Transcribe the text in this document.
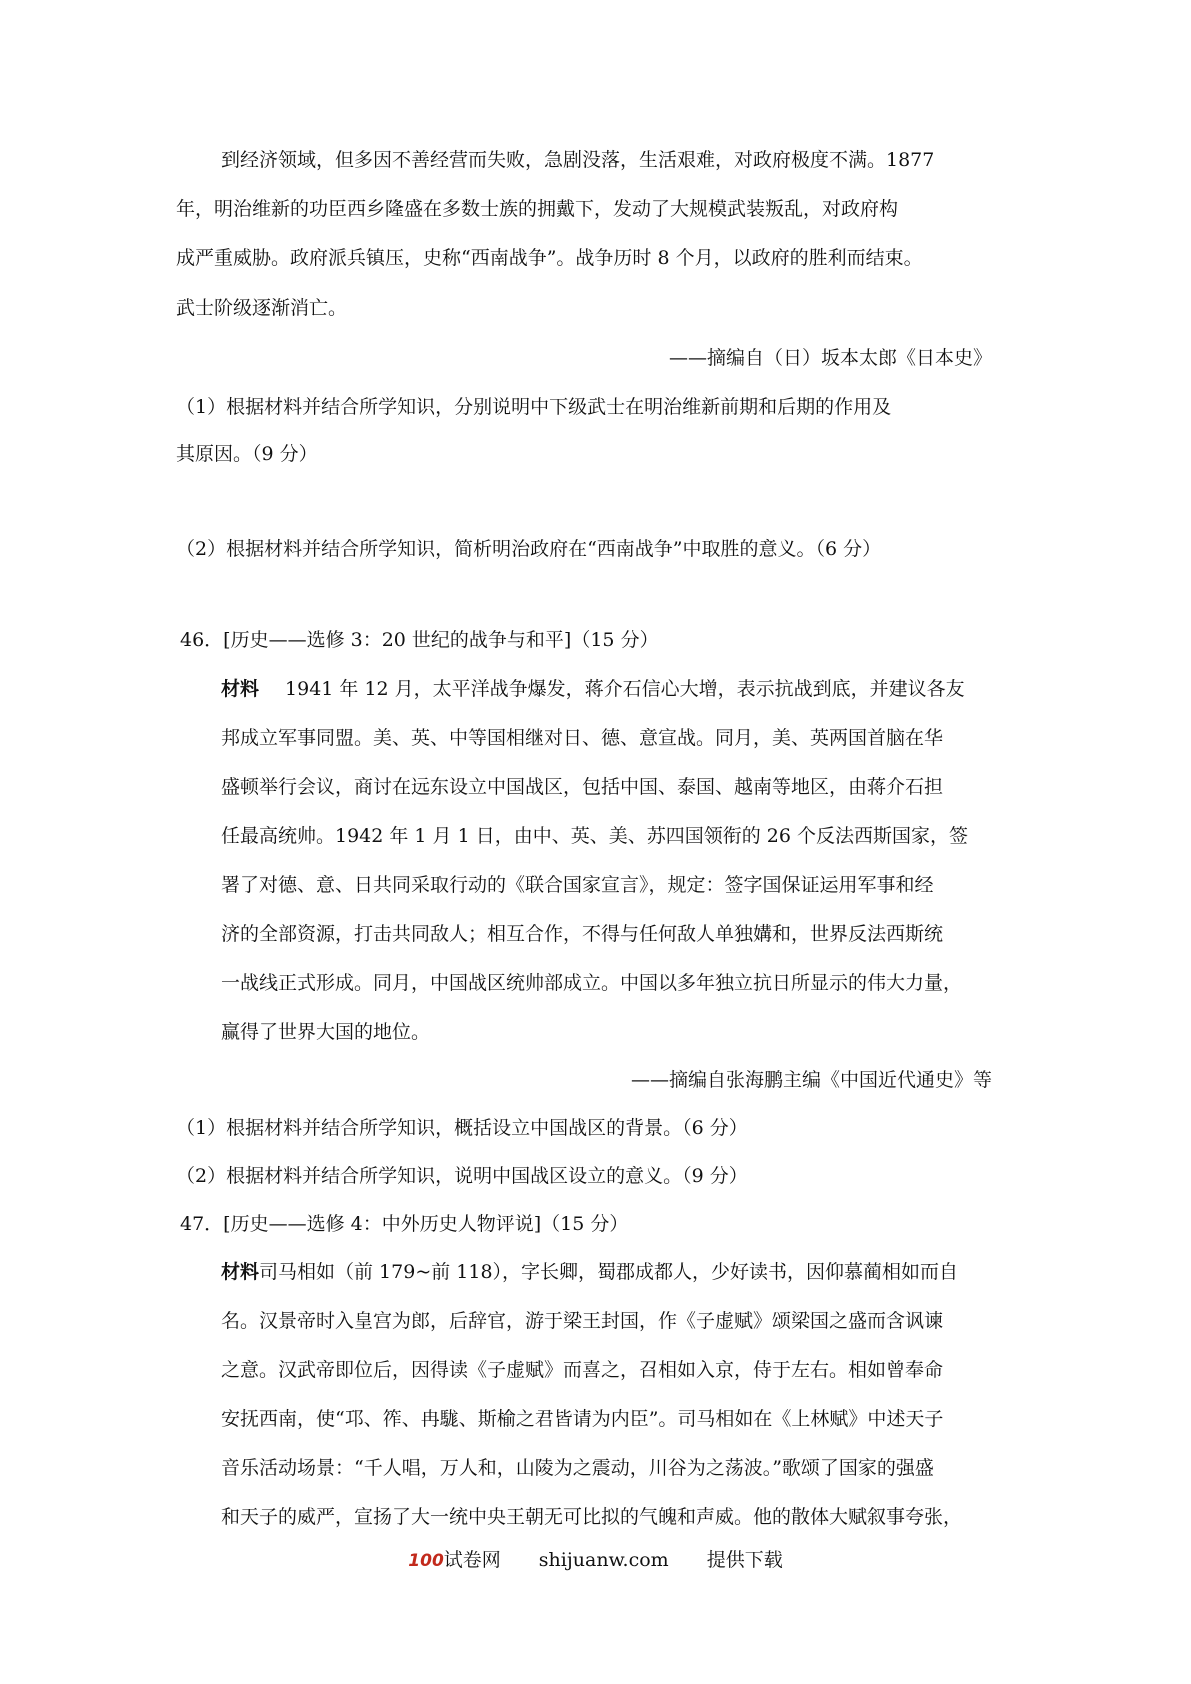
到经济领域，但多因不善经营而失败，急剧没落，生活艰难，对政府极度不满。1877
年，明治维新的功臣西乡隆盛在多数士族的拥戴下，发动了大规模武装叛乱，对政府构
成严重威胁。政府派兵镇压，史称“西南战争”。战争历时 8 个月，以政府的胜利而结束。
武士阶级逐渐消亡。
——摘编自（日）坂本太郎《日本史》
（1）根据材料并结合所学知识，分别说明中下级武士在明治维新前期和后期的作用及
其原因。（9 分）
（2）根据材料并结合所学知识，简析明治政府在“西南战争”中取胜的意义。（6 分）
46．[历史——选修 3：20 世纪的战争与和平]（15 分）
材料 1941 年 12 月，太平洋战争爆发，蒋介石信心大增，表示抗战到底，并建议各友
邦成立军事同盟。美、英、中等国相继对日、德、意宣战。同月，美、英两国首脑在华
盛顿举行会议，商讨在远东设立中国战区，包括中国、泰国、越南等地区，由蒋介石担
任最高统帅。1942 年 1 月 1 日，由中、英、美、苏四国领衔的 26 个反法西斯国家，签
署了对德、意、日共同采取行动的《联合国家宣言》，规定：签字国保证运用军事和经
济的全部资源，打击共同敌人；相互合作，不得与任何敌人单独媾和，世界反法西斯统
一战线正式形成。同月，中国战区统帅部成立。中国以多年独立抗日所显示的伟大力量，
赢得了世界大国的地位。
——摘编自张海鹏主编《中国近代通史》等
（1）根据材料并结合所学知识，概括设立中国战区的背景。（6 分）
（2）根据材料并结合所学知识，说明中国战区设立的意义。（9 分）
47．[历史——选修 4：中外历史人物评说]（15 分）
材料司马相如（前 179~前 118），字长卿，蜀郡成都人，少好读书，因仰慕蔺相如而自
名。汉景帝时入皇宫为郎，后辞官，游于梁王封国，作《子虚赋》颂梁国之盛而含讽谏
之意。汉武帝即位后，因得读《子虚赋》而喜之，召相如入京，侍于左右。相如曾奉命
安抚西南，使“邛、筰、冉駹、斯榆之君皆请为内臣”。司马相如在《上林赋》中述天子
音乐活动场景：“千人唱，万人和，山陵为之震动，川谷为之荡波。”歌颂了国家的强盛
和天子的威严，宣扬了大一统中央王朝无可比拟的气魄和声威。他的散体大赋叙事夸张，
100试卷网 shijuanw.com 提供下载
